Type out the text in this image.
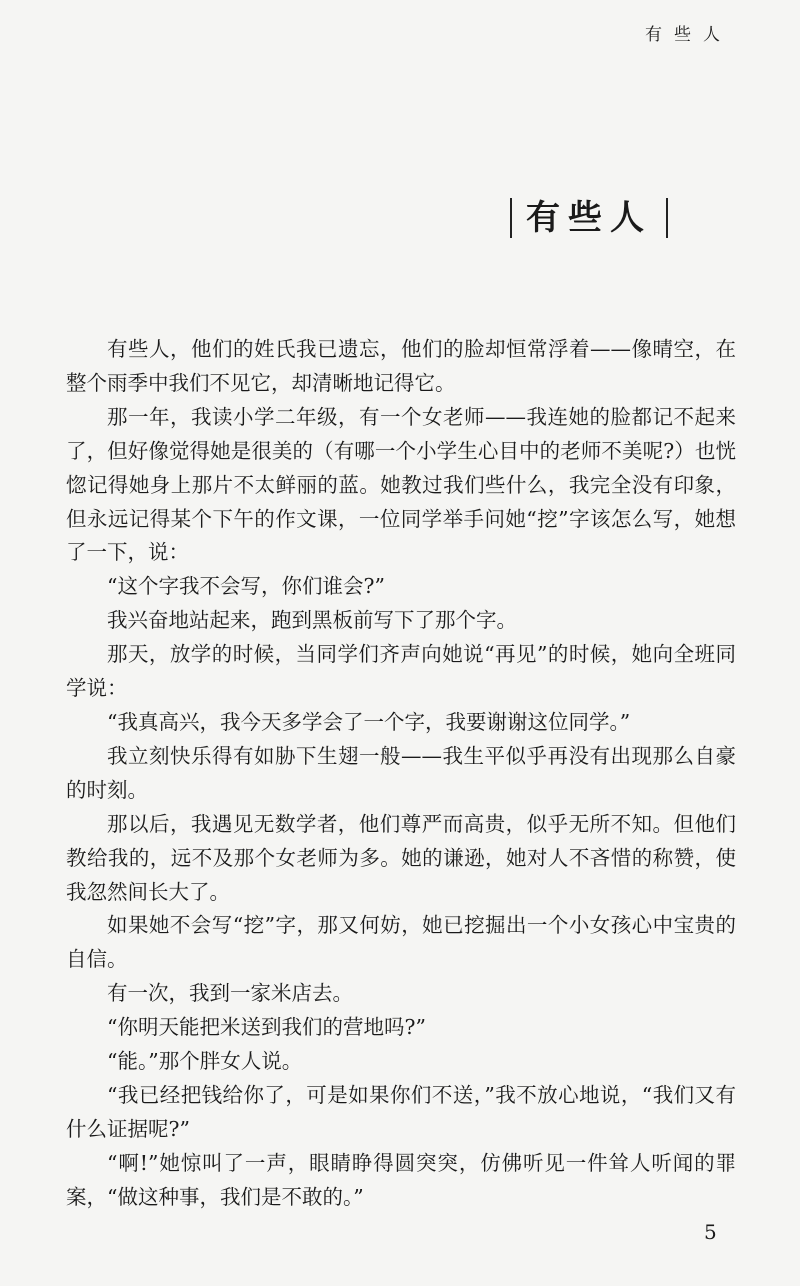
有些人
有些人

有些人，他们的姓氏我已遗忘，他们的脸却恒常浮着——像晴空，在整个雨季中我们不见它，却清晰地记得它。

那一年，我读小学二年级，有一个女老师——我连她的脸都记不起来了，但好像觉得她是很美的（有哪一个小学生心目中的老师不美呢?）也恍惚记得她身上那片不太鲜丽的蓝。她教过我们些什么，我完全没有印象，但永远记得某个下午的作文课，一位同学举手问她“挖”字该怎么写，她想了一下，说：

“这个字我不会写，你们谁会?”

我兴奋地站起来，跑到黑板前写下了那个字。

那天，放学的时候，当同学们齐声向她说“再见”的时候，她向全班同学说：

“我真高兴，我今天多学会了一个字，我要谢谢这位同学。”

我立刻快乐得有如胁下生翅一般——我生平似乎再没有出现那么自豪的时刻。

那以后，我遇见无数学者，他们尊严而高贵，似乎无所不知。但他们教给我的，远不及那个女老师为多。她的谦逊，她对人不吝惜的称赞，使我忽然间长大了。

如果她不会写“挖”字，那又何妨，她已挖掘出一个小女孩心中宝贵的自信。

有一次，我到一家米店去。

“你明天能把米送到我们的营地吗?”

“能。”那个胖女人说。

“我已经把钱给你了，可是如果你们不送，”我不放心地说，“我们又有什么证据呢?”

“啊!”她惊叫了一声，眼睛睁得圆突突，仿佛听见一件耸人听闻的罪案，“做这种事，我们是不敢的。”

5
